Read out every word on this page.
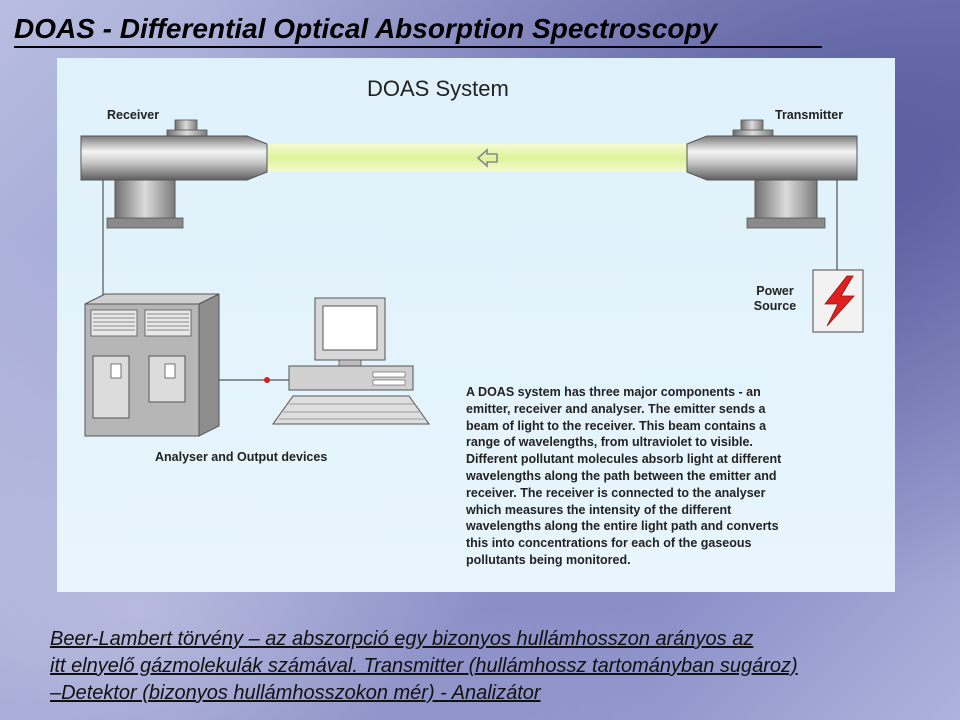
DOAS - Differential Optical Absorption Spectroscopy
DOAS System
Receiver	Transmitter
Power Source
Analyser and Output devices
A DOAS system has three major components - an emitter, receiver and analyser. The emitter sends a beam of light to the receiver. This beam contains a range of wavelengths, from ultraviolet to visible. Different pollutant molecules absorb light at different wavelengths along the path between the emitter and receiver. The receiver is connected to the analyser which measures the intensity of the different wavelengths along the entire light path and converts this into concentrations for each of the gaseous pollutants being monitored.
Beer-Lambert törvény – az abszorpció egy bizonyos hullámhosszon arányos az
itt elnyelő gázmolekulák számával. Transmitter (hullámhossz tartományban sugároz)
–Detektor (bizonyos hullámhosszokon mér) - Analizátor
